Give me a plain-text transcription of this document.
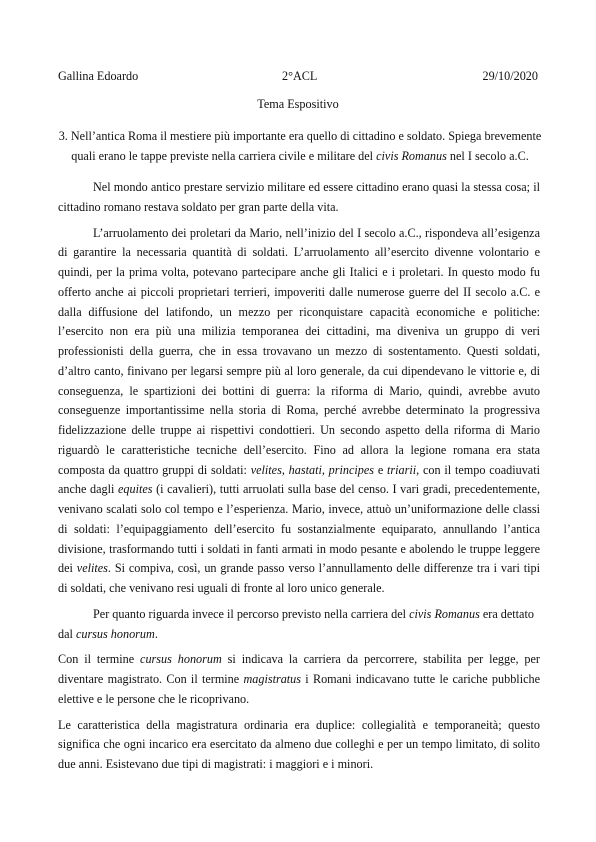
Gallina Edoardo	2°ACL	29/10/2020
Tema Espositivo
3. Nell’antica Roma il mestiere più importante era quello di cittadino e soldato. Spiega brevemente quali erano le tappe previste nella carriera civile e militare del civis Romanus nel I secolo a.C.

Nel mondo antico prestare servizio militare ed essere cittadino erano quasi la stessa cosa; il cittadino romano restava soldato per gran parte della vita.

L’arruolamento dei proletari da Mario, nell’inizio del I secolo a.C., rispondeva all’esigenza di garantire la necessaria quantità di soldati. L’arruolamento all’esercito divenne volontario e quindi, per la prima volta, potevano partecipare anche gli Italici e i proletari. In questo modo fu offerto anche ai piccoli proprietari terrieri, impoveriti dalle numerose guerre del II secolo a.C. e dalla diffusione del latifondo, un mezzo per riconquistare capacità economiche e politiche: l’esercito non era più una milizia temporanea dei cittadini, ma diveniva un gruppo di veri professionisti della guerra, che in essa trovavano un mezzo di sostentamento. Questi soldati, d’altro canto, finivano per legarsi sempre più al loro generale, da cui dipendevano le vittorie e, di conseguenza, le spartizioni dei bottini di guerra: la riforma di Mario, quindi, avrebbe avuto conseguenze importantissime nella storia di Roma, perché avrebbe determinato la progressiva fidelizzazione delle truppe ai rispettivi condottieri. Un secondo aspetto della riforma di Mario riguardò le caratteristiche tecniche dell’esercito. Fino ad allora la legione romana era stata composta da quattro gruppi di soldati: velites, hastati, principes e triarii, con il tempo coadiuvati anche dagli equites (i cavalieri), tutti arruolati sulla base del censo. I vari gradi, precedentemente, venivano scalati solo col tempo e l’esperienza. Mario, invece, attuò un’uniformazione delle classi di soldati: l’equipaggiamento dell’esercito fu sostanzialmente equiparato, annullando l’antica divisione, trasformando tutti i soldati in fanti armati in modo pesante e abolendo le truppe leggere dei velites. Si compiva, così, un grande passo verso l’annullamento delle differenze tra i vari tipi di soldati, che venivano resi uguali di fronte al loro unico generale.

Per quanto riguarda invece il percorso previsto nella carriera del civis Romanus era dettato dal cursus honorum.

Con il termine cursus honorum si indicava la carriera da percorrere, stabilita per legge, per diventare magistrato. Con il termine magistratus i Romani indicavano tutte le cariche pubbliche elettive e le persone che le ricoprivano.

Le caratteristica della magistratura ordinaria era duplice: collegialità e temporaneità; questo significa che ogni incarico era esercitato da almeno due colleghi e per un tempo limitato, di solito due anni. Esistevano due tipi di magistrati: i maggiori e i minori.
